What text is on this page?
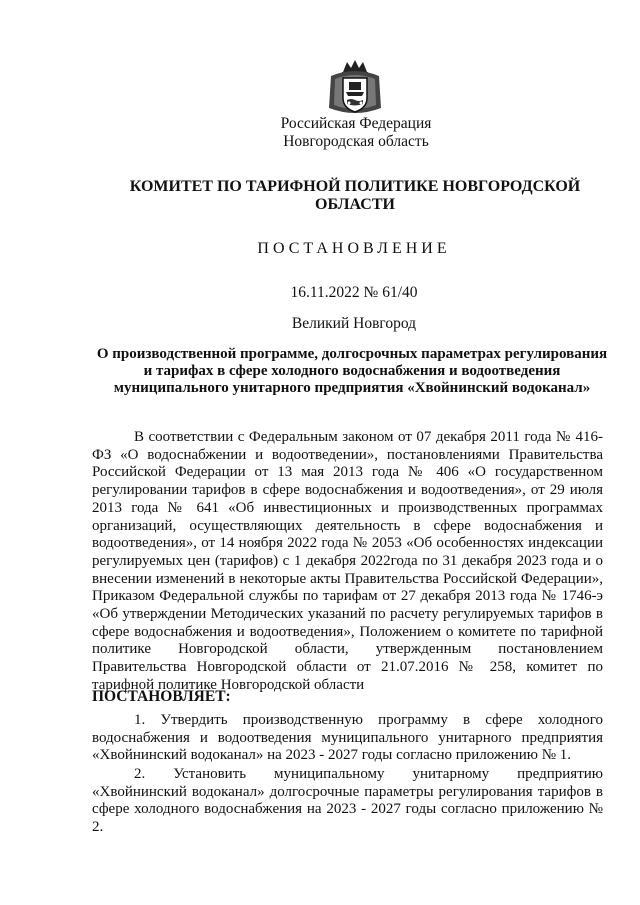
Российская Федерация
Новгородская область
КОМИТЕТ ПО ТАРИФНОЙ ПОЛИТИКЕ НОВГОРОДСКОЙ ОБЛАСТИ
ПОСТАНОВЛЕНИЕ
16.11.2022 № 61/40
Великий Новгород
О производственной программе, долгосрочных параметрах регулирования и тарифах в сфере холодного водоснабжения и водоотведения муниципального унитарного предприятия «Хвойнинский водоканал»
В соответствии с Федеральным законом от 07 декабря 2011 года № 416-ФЗ «О водоснабжении и водоотведении», постановлениями Правительства Российской Федерации от 13 мая 2013 года № 406 «О государственном регулировании тарифов в сфере водоснабжения и водоотведения», от 29 июля 2013 года № 641 «Об инвестиционных и производственных программах организаций, осуществляющих деятельность в сфере водоснабжения и водоотведения», от 14 ноября 2022 года № 2053 «Об особенностях индексации регулируемых цен (тарифов) с 1 декабря 2022года по 31 декабря 2023 года и о внесении изменений в некоторые акты Правительства Российской Федерации», Приказом Федеральной службы по тарифам от 27 декабря 2013 года № 1746-э «Об утверждении Методических указаний по расчету регулируемых тарифов в сфере водоснабжения и водоотведения», Положением о комитете по тарифной политике Новгородской области, утвержденным постановлением Правительства Новгородской области от 21.07.2016 № 258, комитет по тарифной политике Новгородской области
ПОСТАНОВЛЯЕТ:
1. Утвердить производственную программу в сфере холодного водоснабжения и водоотведения муниципального унитарного предприятия «Хвойнинский водоканал» на 2023 - 2027 годы согласно приложению № 1.
2. Установить муниципальному унитарному предприятию «Хвойнинский водоканал» долгосрочные параметры регулирования тарифов в сфере холодного водоснабжения на 2023 - 2027 годы согласно приложению № 2.
